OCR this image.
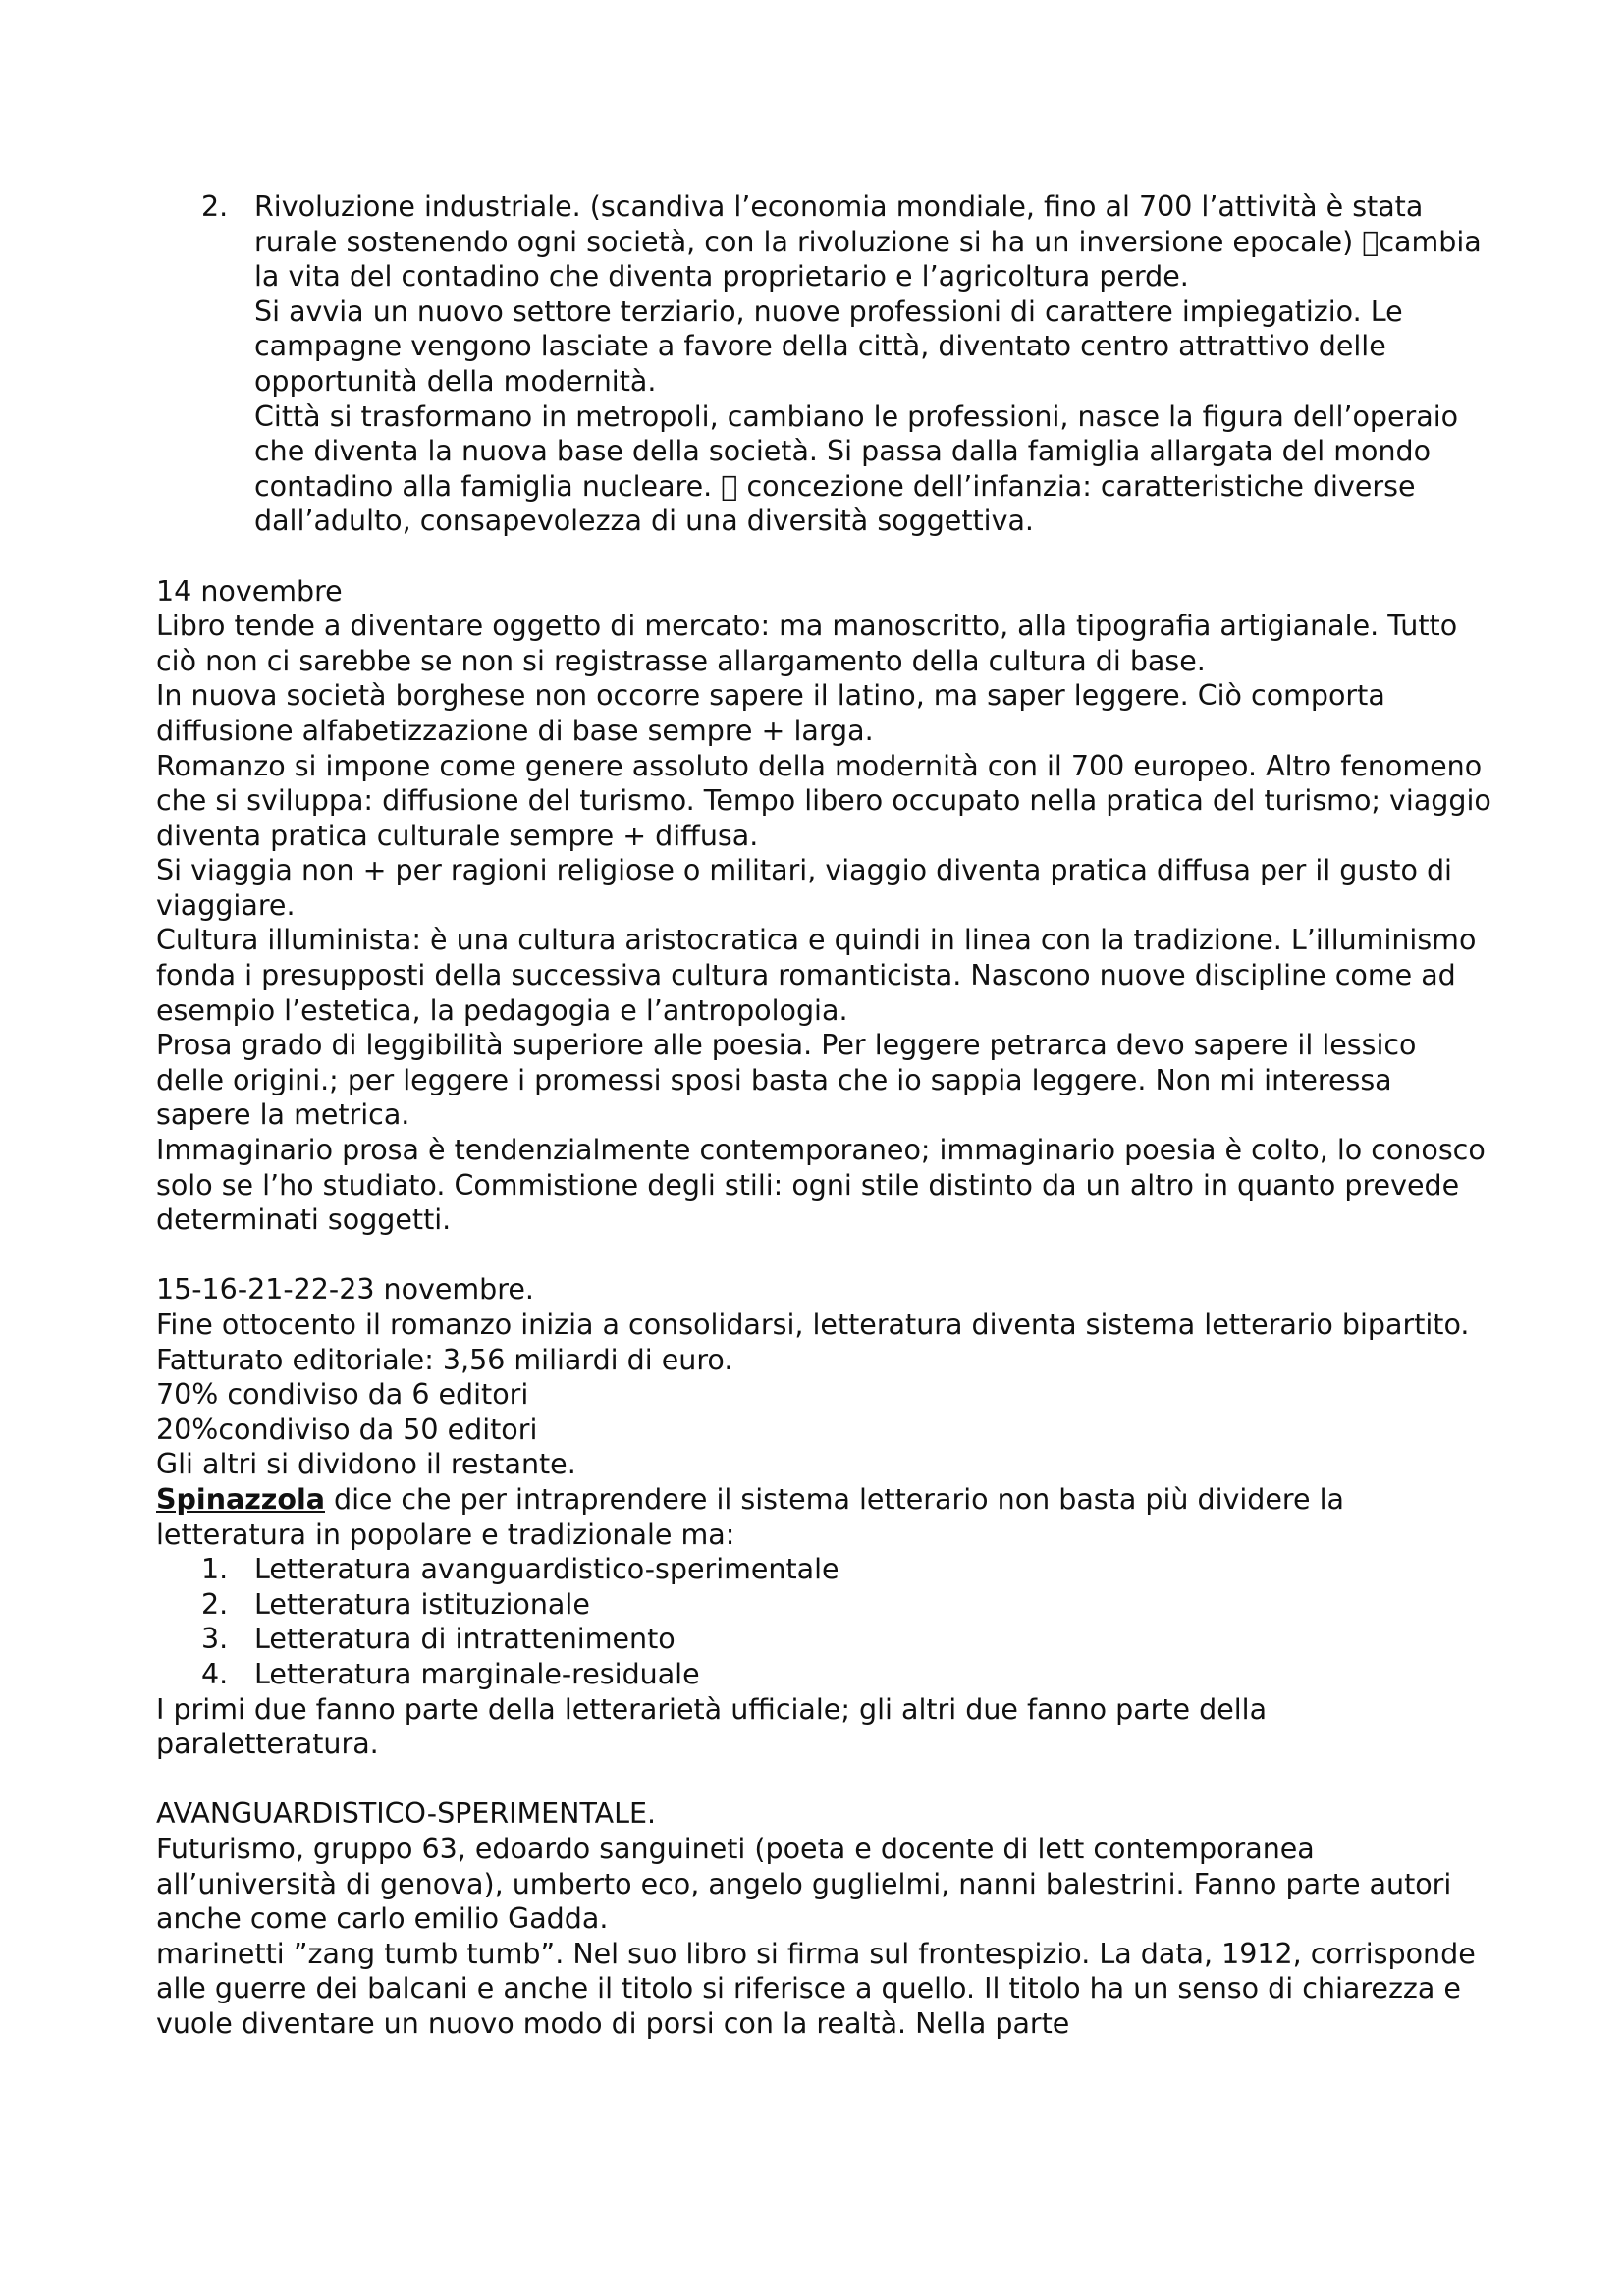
2. Rivoluzione industriale. (scandiva l’economia mondiale, fino al 700 l’attività è stata rurale sostenendo ogni società, con la rivoluzione si ha un inversione epocale) cambia la vita del contadino che diventa proprietario e l’agricoltura perde.
Si avvia un nuovo settore terziario, nuove professioni di carattere impiegatizio. Le campagne vengono lasciate a favore della città, diventato centro attrattivo delle opportunità della modernità.
Città si trasformano in metropoli, cambiano le professioni, nasce la figura dell’operaio che diventa la nuova base della società. Si passa dalla famiglia allargata del mondo contadino alla famiglia nucleare. concezione dell’infanzia: caratteristiche diverse dall’adulto, consapevolezza di una diversità soggettiva.

14 novembre

Libro tende a diventare oggetto di mercato: ma manoscritto, alla tipografia artigianale. Tutto ciò non ci sarebbe se non si registrasse allargamento della cultura di base.

In nuova società borghese non occorre sapere il latino, ma saper leggere. Ciò comporta diffusione alfabetizzazione di base sempre + larga.

Romanzo si impone come genere assoluto della modernità con il 700 europeo. Altro fenomeno che si sviluppa: diffusione del turismo. Tempo libero occupato nella pratica del turismo; viaggio diventa pratica culturale sempre + diffusa.

Si viaggia non + per ragioni religiose o militari, viaggio diventa pratica diffusa per il gusto di viaggiare.

Cultura illuminista: è una cultura aristocratica e quindi in linea con la tradizione. L’illuminismo fonda i presupposti della successiva cultura romanticista. Nascono nuove discipline come ad esempio l’estetica, la pedagogia e l’antropologia.

Prosa grado di leggibilità superiore alle poesia. Per leggere petrarca devo sapere il lessico delle origini.; per leggere i promessi sposi basta che io sappia leggere. Non mi interessa sapere la metrica.

Immaginario prosa è tendenzialmente contemporaneo; immaginario poesia è colto, lo conosco solo se l’ho studiato. Commistione degli stili: ogni stile distinto da un altro in quanto prevede determinati soggetti.

15-16-21-22-23 novembre.

Fine ottocento il romanzo inizia a consolidarsi, letteratura diventa sistema letterario bipartito.

Fatturato editoriale: 3,56 miliardi di euro.

70% condiviso da 6 editori

20%condiviso da 50 editori

Gli altri si dividono il restante.

Spinazzola dice che per intraprendere il sistema letterario non basta più dividere la letteratura in popolare e tradizionale ma:

1. Letteratura avanguardistico-sperimentale
2. Letteratura istituzionale
3. Letteratura di intrattenimento
4. Letteratura marginale-residuale

I primi due fanno parte della letterarietà ufficiale; gli altri due fanno parte della paraletteratura.

AVANGUARDISTICO-SPERIMENTALE.

Futurismo, gruppo 63, edoardo sanguineti (poeta e docente di lett contemporanea all’università di genova), umberto eco, angelo guglielmi, nanni balestrini. Fanno parte autori anche come carlo emilio Gadda.

marinetti ”zang tumb tumb”. Nel suo libro si firma sul frontespizio. La data, 1912, corrisponde alle guerre dei balcani e anche il titolo si riferisce a quello. Il titolo ha un senso di chiarezza e vuole diventare un nuovo modo di porsi con la realtà. Nella parte
